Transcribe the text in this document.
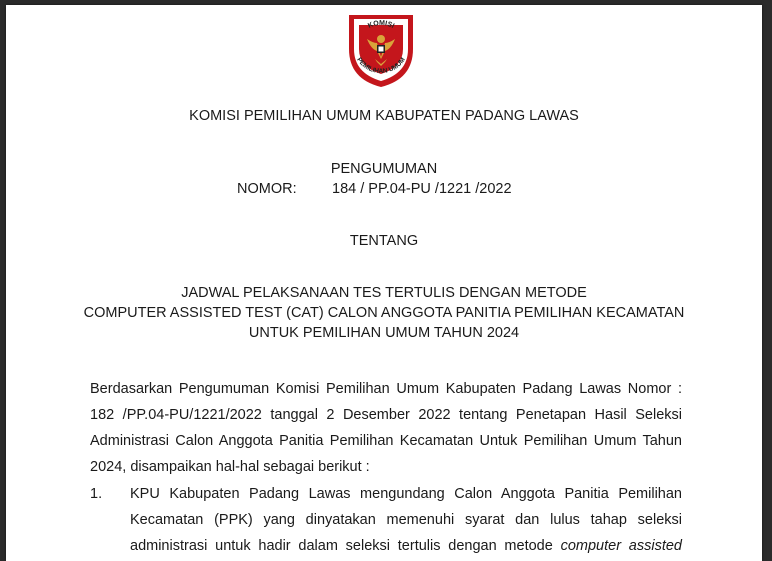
KOMISI
PEMILIHAN UMUM
KOMISI PEMILIHAN UMUM KABUPATEN PADANG LAWAS
PENGUMUMAN
NOMOR: 184 / PP.04-PU /1221 /2022
TENTANG
JADWAL PELAKSANAAN TES TERTULIS DENGAN METODE
COMPUTER ASSISTED TEST (CAT) CALON ANGGOTA PANITIA PEMILIHAN KECAMATAN
UNTUK PEMILIHAN UMUM TAHUN 2024
Berdasarkan Pengumuman Komisi Pemilihan Umum Kabupaten Padang Lawas Nomor :
182 /PP.04-PU/1221/2022 tanggal 2 Desember 2022 tentang Penetapan Hasil Seleksi
Administrasi Calon Anggota Panitia Pemilihan Kecamatan Untuk Pemilihan Umum Tahun
2024, disampaikan hal-hal sebagai berikut :
1. KPU Kabupaten Padang Lawas mengundang Calon Anggota Panitia Pemilihan
Kecamatan (PPK) yang dinyatakan memenuhi syarat dan lulus tahap seleksi
administrasi untuk hadir dalam seleksi tertulis dengan metode computer assisted
